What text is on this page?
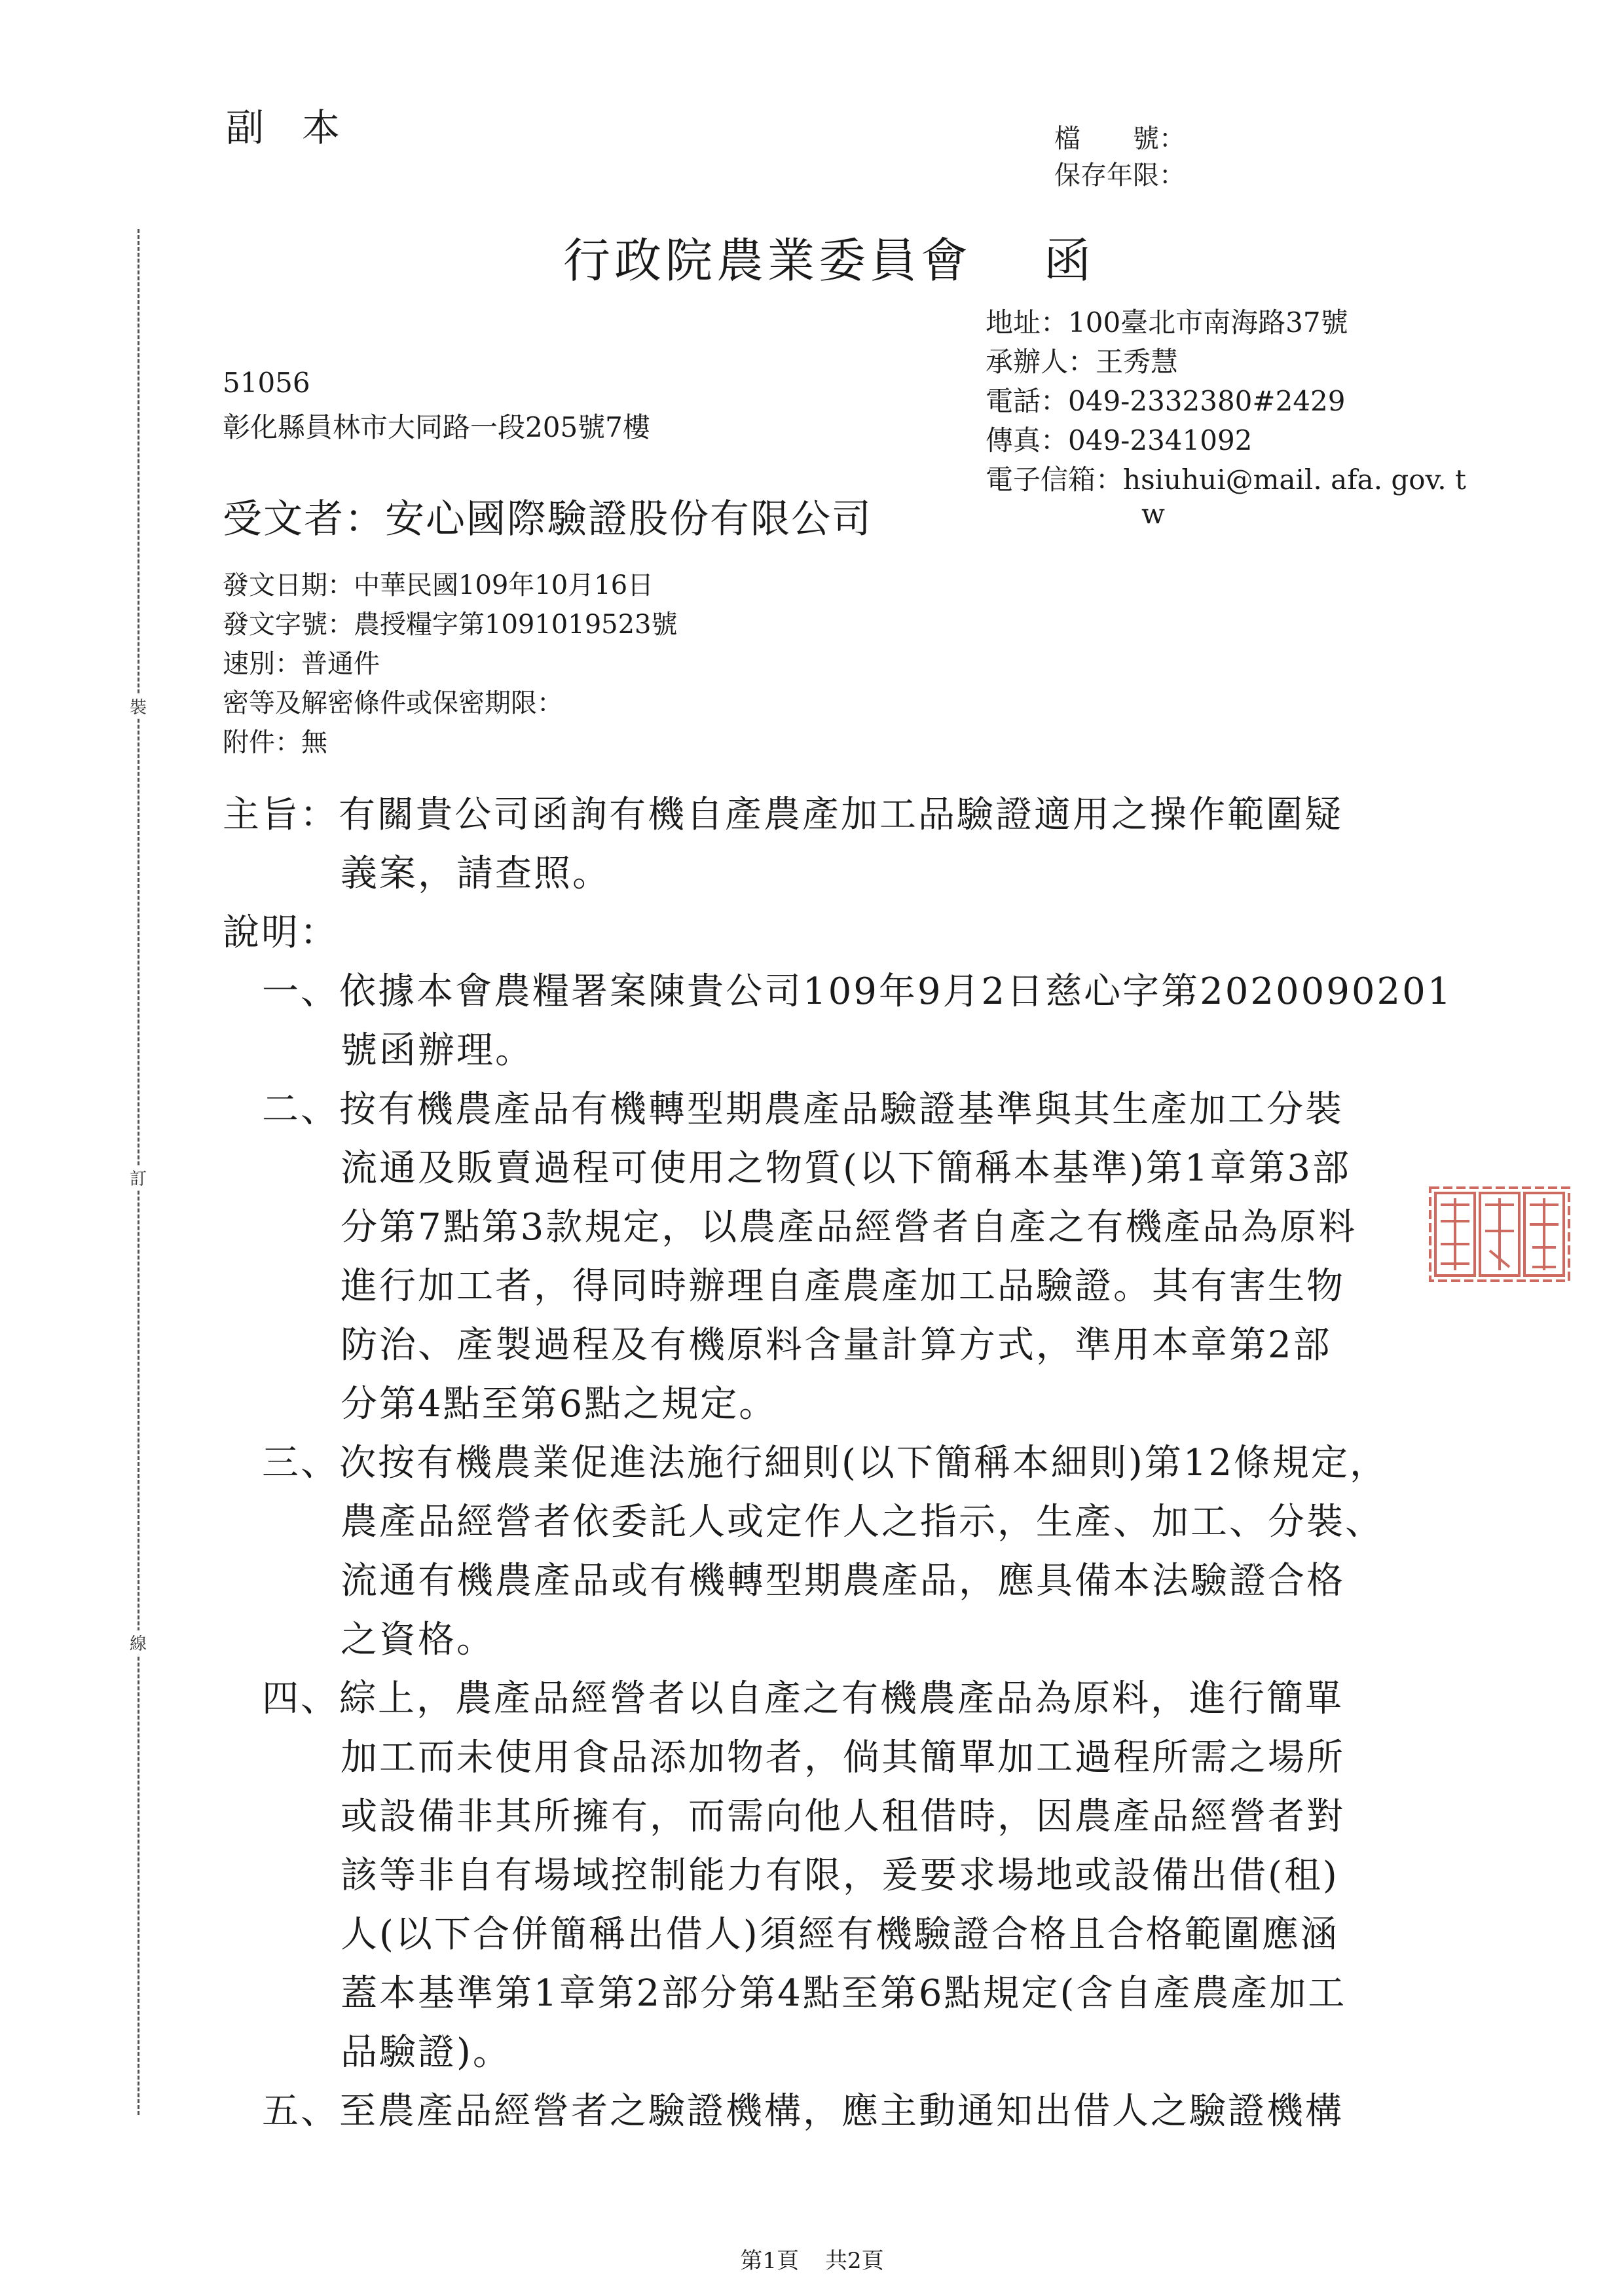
裝
訂
線
副本	檔　　號：
保存年限：
行政院農業委員會 函
地址：100臺北市南海路37號
承辦人：王秀慧
電話：049-2332380#2429
傳真：049-2341092
電子信箱：hsiuhui@mail. afa. gov. t
w
51056
彰化縣員林市大同路一段205號7樓
受文者：安心國際驗證股份有限公司
發文日期：中華民國109年10月16日
發文字號：農授糧字第1091019523號
速別：普通件
密等及解密條件或保密期限：
附件：無
主旨：有關貴公司函詢有機自產農產加工品驗證適用之操作範圍疑
義案，請查照。
說明：
一、依據本會農糧署案陳貴公司109年9月2日慈心字第2020090201
號函辦理。
二、按有機農產品有機轉型期農產品驗證基準與其生產加工分裝
流通及販賣過程可使用之物質(以下簡稱本基準)第1章第3部
分第7點第3款規定，以農產品經營者自產之有機產品為原料
進行加工者，得同時辦理自產農產加工品驗證。其有害生物
防治、產製過程及有機原料含量計算方式，準用本章第2部
分第4點至第6點之規定。
三、次按有機農業促進法施行細則(以下簡稱本細則)第12條規定，
農產品經營者依委託人或定作人之指示，生產、加工、分裝、
流通有機農產品或有機轉型期農產品，應具備本法驗證合格
之資格。
四、綜上，農產品經營者以自產之有機農產品為原料，進行簡單
加工而未使用食品添加物者，倘其簡單加工過程所需之場所
或設備非其所擁有，而需向他人租借時，因農產品經營者對
該等非自有場域控制能力有限，爰要求場地或設備出借(租)
人(以下合併簡稱出借人)須經有機驗證合格且合格範圍應涵
蓋本基準第1章第2部分第4點至第6點規定(含自產農產加工
品驗證)。
五、至農產品經營者之驗證機構，應主動通知出借人之驗證機構
第1頁 共2頁
